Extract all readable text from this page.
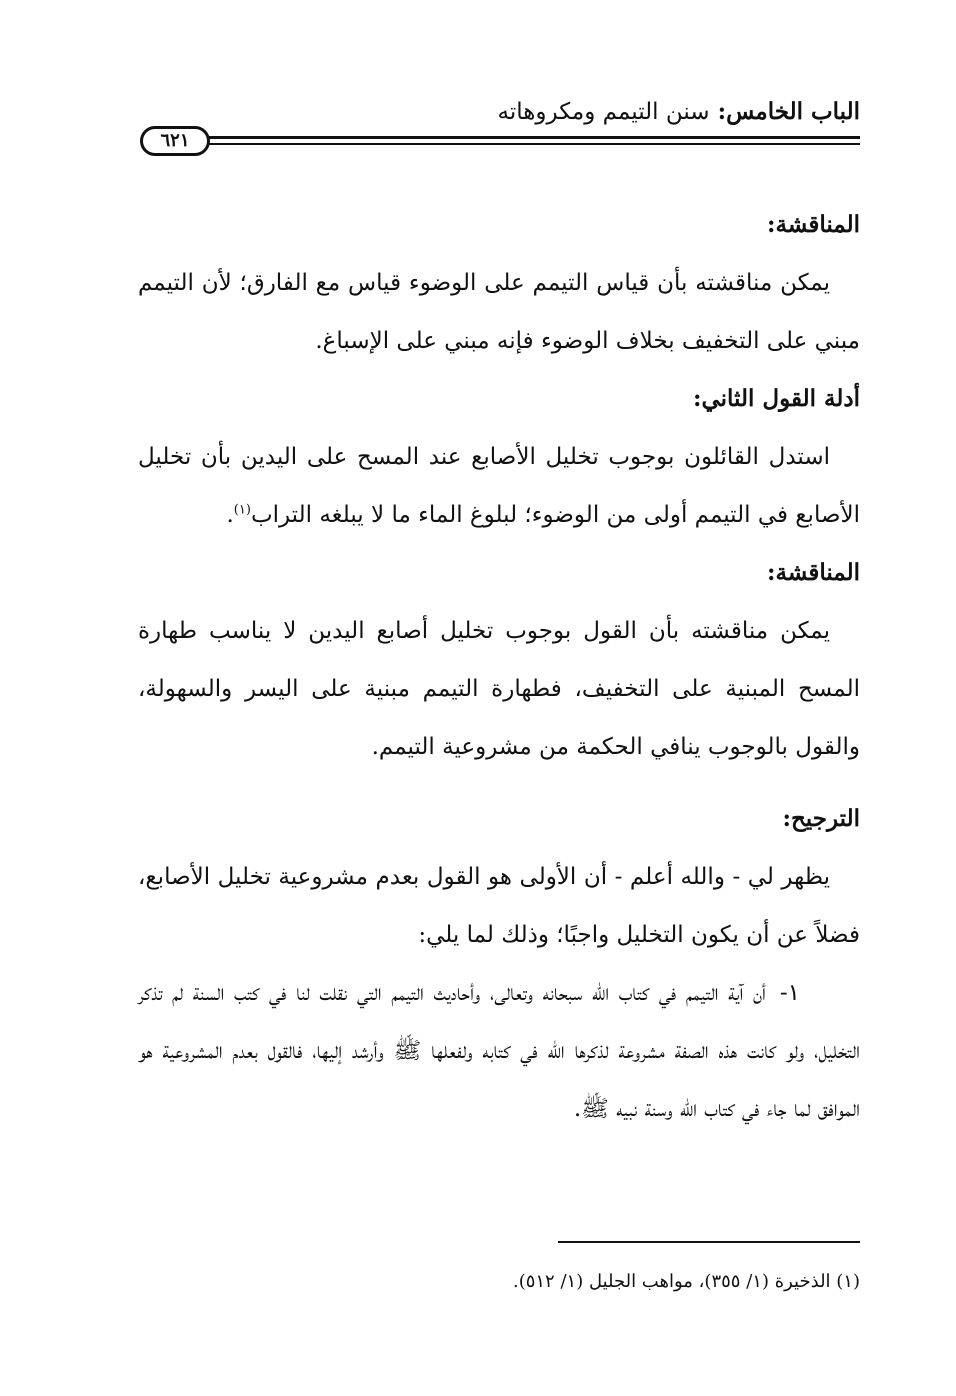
الباب الخامس: سنن التيمم ومكروهاته
٦٢١

المناقشة:

يمكن مناقشته بأن قياس التيمم على الوضوء قياس مع الفارق؛ لأن التيمم مبني على التخفيف بخلاف الوضوء فإنه مبني على الإسباغ.

أدلة القول الثاني:

استدل القائلون بوجوب تخليل الأصابع عند المسح على اليدين بأن تخليل الأصابع في التيمم أولى من الوضوء؛ لبلوغ الماء ما لا يبلغه التراب$^{(١)}$.

المناقشة:

يمكن مناقشته بأن القول بوجوب تخليل أصابع اليدين لا يناسب طهارة المسح المبنية على التخفيف، فطهارة التيمم مبنية على اليسر والسهولة، والقول بالوجوب ينافي الحكمة من مشروعية التيمم.

الترجيح:

يظهر لي - والله أعلم - أن الأولى هو القول بعدم مشروعية تخليل الأصابع، فضلاً عن أن يكون التخليل واجبًا؛ وذلك لما يلي:

١-أن آية التيمم في كتاب الله سبحانه وتعالى، وأحاديث التيمم التي نقلت لنا في كتب السنة لم تذكر التخليل، ولو كانت هذه الصفة مشروعة لذكرها الله في كتابه ولفعلها ﷺ وأرشد إليها، فالقول بعدم المشروعية هو الموافق لما جاء في كتاب الله وسنة نبيه ﷺ.

(١) الذخيرة (١/ ٣٥٥)، مواهب الجليل (١/ ٥١٢).
